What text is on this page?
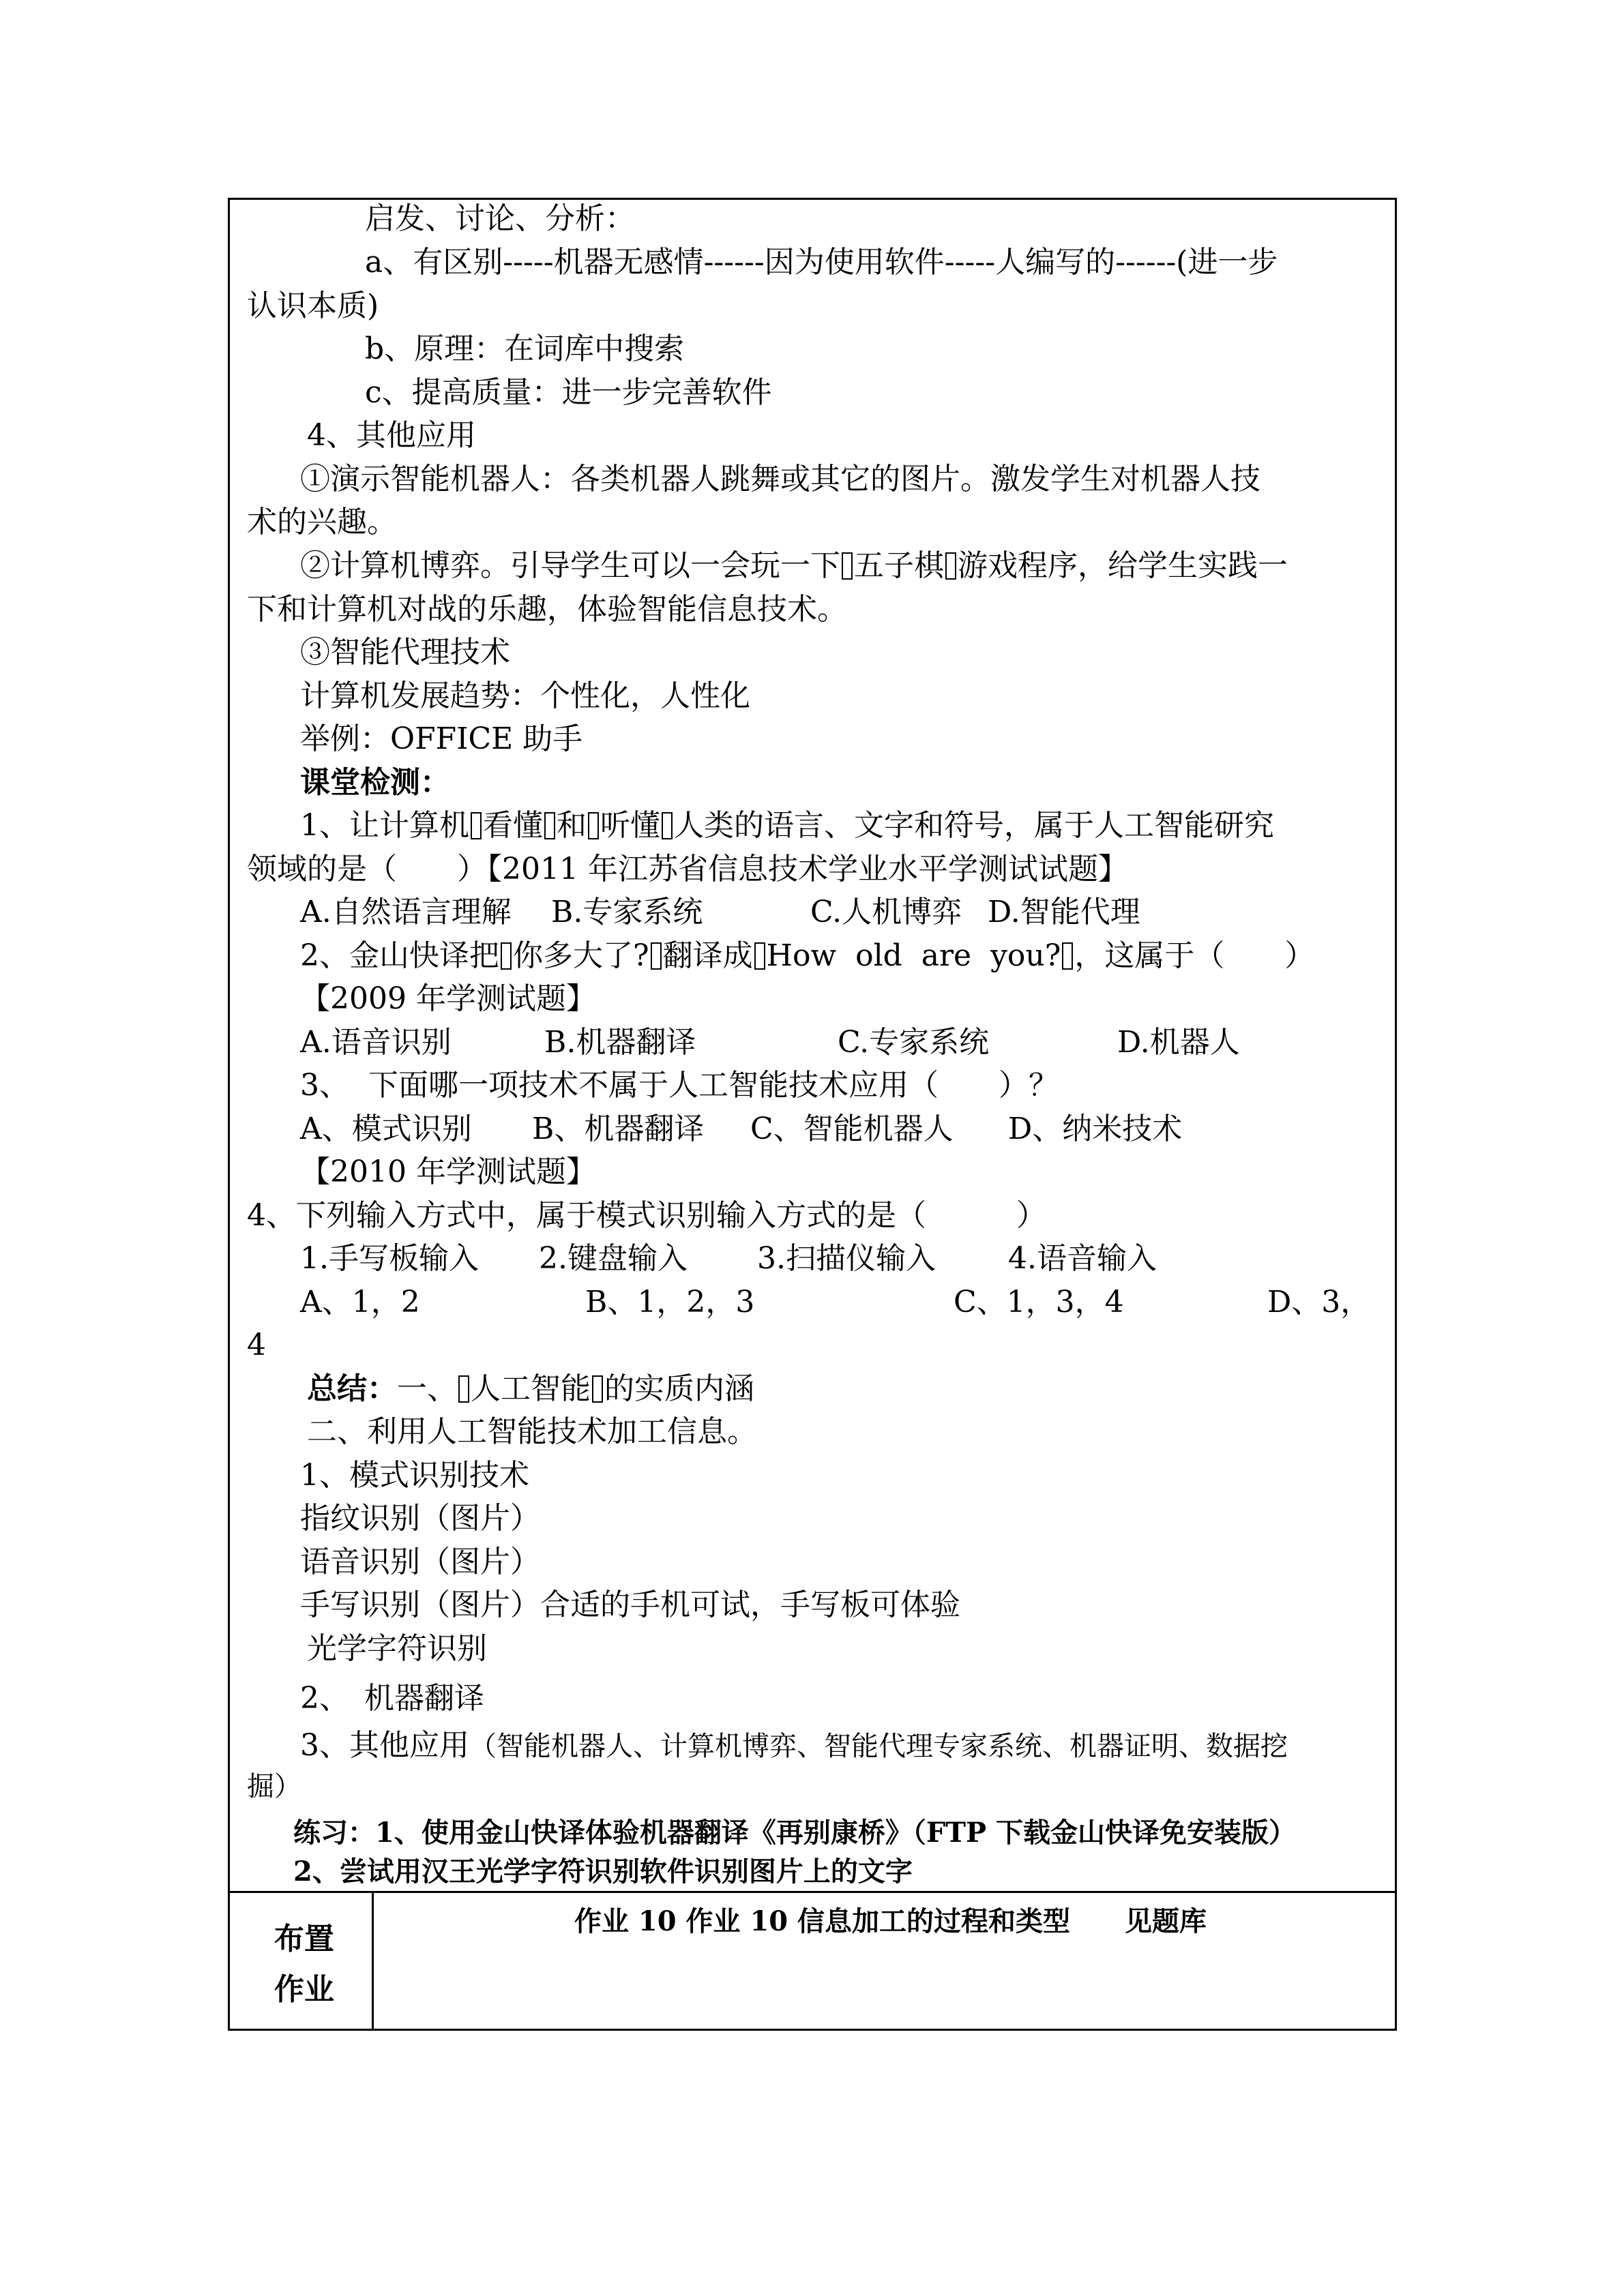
启发、讨论、分析：
a、有区别-----机器无感情------因为使用软件-----人编写的------(进一步
认识本质)
b、原理：在词库中搜索
c、提高质量：进一步完善软件
4、其他应用
①演示智能机器人：各类机器人跳舞或其它的图片。激发学生对机器人技
术的兴趣。
②计算机博弈。引导学生可以一会玩一下 五子棋 游戏程序，给学生实践一
下和计算机对战的乐趣，体验智能信息技术。
③智能代理技术
计算机发展趋势：个性化，人性化
举例：OFFICE 助手
课堂检测：
1、让计算机 看懂 和 听懂 人类的语言、文字和符号，属于人工智能研究
领域的是（　　）【2011 年江苏省信息技术学业水平学测试试题】
A.自然语言理解 B.专家系统	C.人机博弈 D.智能代理
2、金山快译把 你多大了? 翻译成 How  old  are  you? ，这属于（　　）
【2009 年学测试题】
A.语音识别	B.机器翻译	C.专家系统	D.机器人
3、  下面哪一项技术不属于人工智能技术应用（　　）？
A、模式识别 B、机器翻译 C、智能机器人 D、纳米技术
【2010 年学测试题】
4、下列输入方式中，属于模式识别输入方式的是（　　　）
1.手写板输入 2.键盘输入 3.扫描仪输入 4.语音输入
A、1，2	B、1，2，3	C、1，3，4	D、3，
4
总结：一、 人工智能 的实质内涵
二、利用人工智能技术加工信息。
1、模式识别技术
指纹识别（图片）
语音识别（图片）
手写识别（图片）合适的手机可试，手写板可体验
光学字符识别
2、　机器翻译
3、其他应用（智能机器人、计算机博弈、智能代理专家系统、机器证明、数据挖
掘）
练习：1、使用金山快译体验机器翻译《再别康桥》（FTP 下载金山快译免安装版）
2、尝试用汉王光学字符识别软件识别图片上的文字
布置
作业
作业 10 作业 10 信息加工的过程和类型　　见题库
